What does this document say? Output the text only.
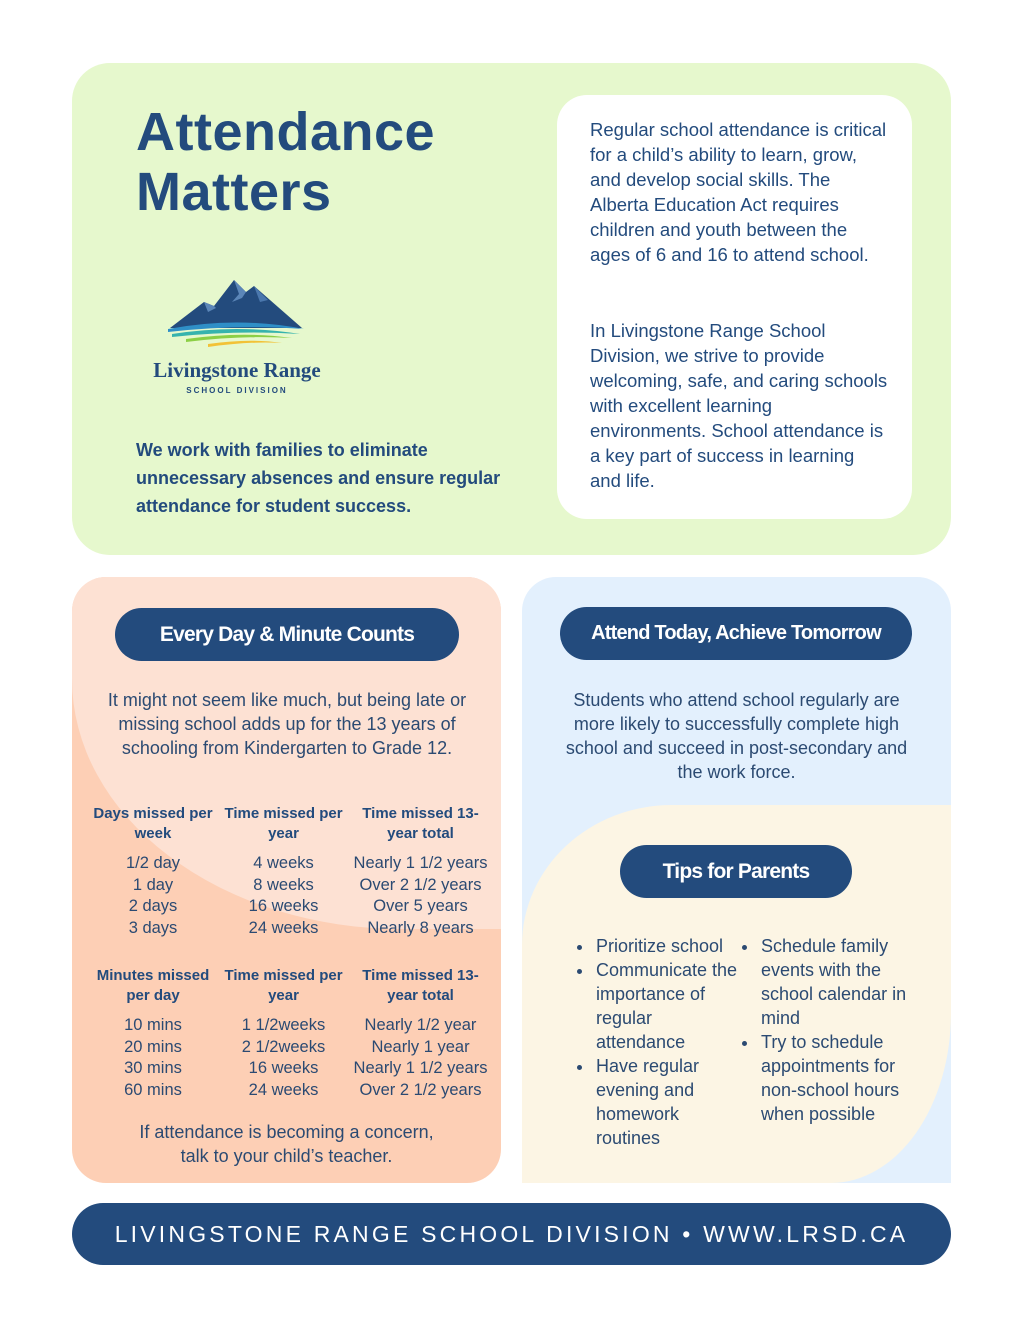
Attendance
Matters
Livingstone Range
SCHOOL DIVISION

We work with families to eliminate unnecessary absences and ensure regular attendance for student success.

Regular school attendance is critical for a child’s ability to learn, grow, and develop social skills. The Alberta Education Act requires children and youth between the ages of 6 and 16 to attend school.

In Livingstone Range School Division, we strive to provide welcoming, safe, and caring schools with excellent learning environments. School attendance is a key part of success in learning and life.

Every Day & Minute Counts

It might not seem like much, but being late or missing school adds up for the 13 years of schooling from Kindergarten to Grade 12.

Days missed per week
Time missed per year
Time missed 13-year total
1/2 day	4 weeks	Nearly 1 1/2 years
1 day	8 weeks	Over 2 1/2 years
2 days	16 weeks	Over 5 years
3 days	24 weeks	Nearly 8 years
Minutes missed per day
Time missed per year
Time missed 13-year total
10 mins	1 1/2weeks	Nearly 1/2 year
20 mins	2 1/2weeks	Nearly 1 year
30 mins	16 weeks	Nearly 1 1/2 years
60 mins	24 weeks	Over 2 1/2 years

If attendance is becoming a concern, talk to your child’s teacher.

Attend Today, Achieve Tomorrow

Students who attend school regularly are more likely to successfully complete high school and succeed in post-secondary and the work force.

Tips for Parents
• Prioritize school
• Communicate the importance of regular attendance
• Have regular evening and homework routines
• Schedule family events with the school calendar in mind
• Try to schedule appointments for non-school hours when possible
LIVINGSTONE RANGE SCHOOL DIVISION • WWW.LRSD.CA
